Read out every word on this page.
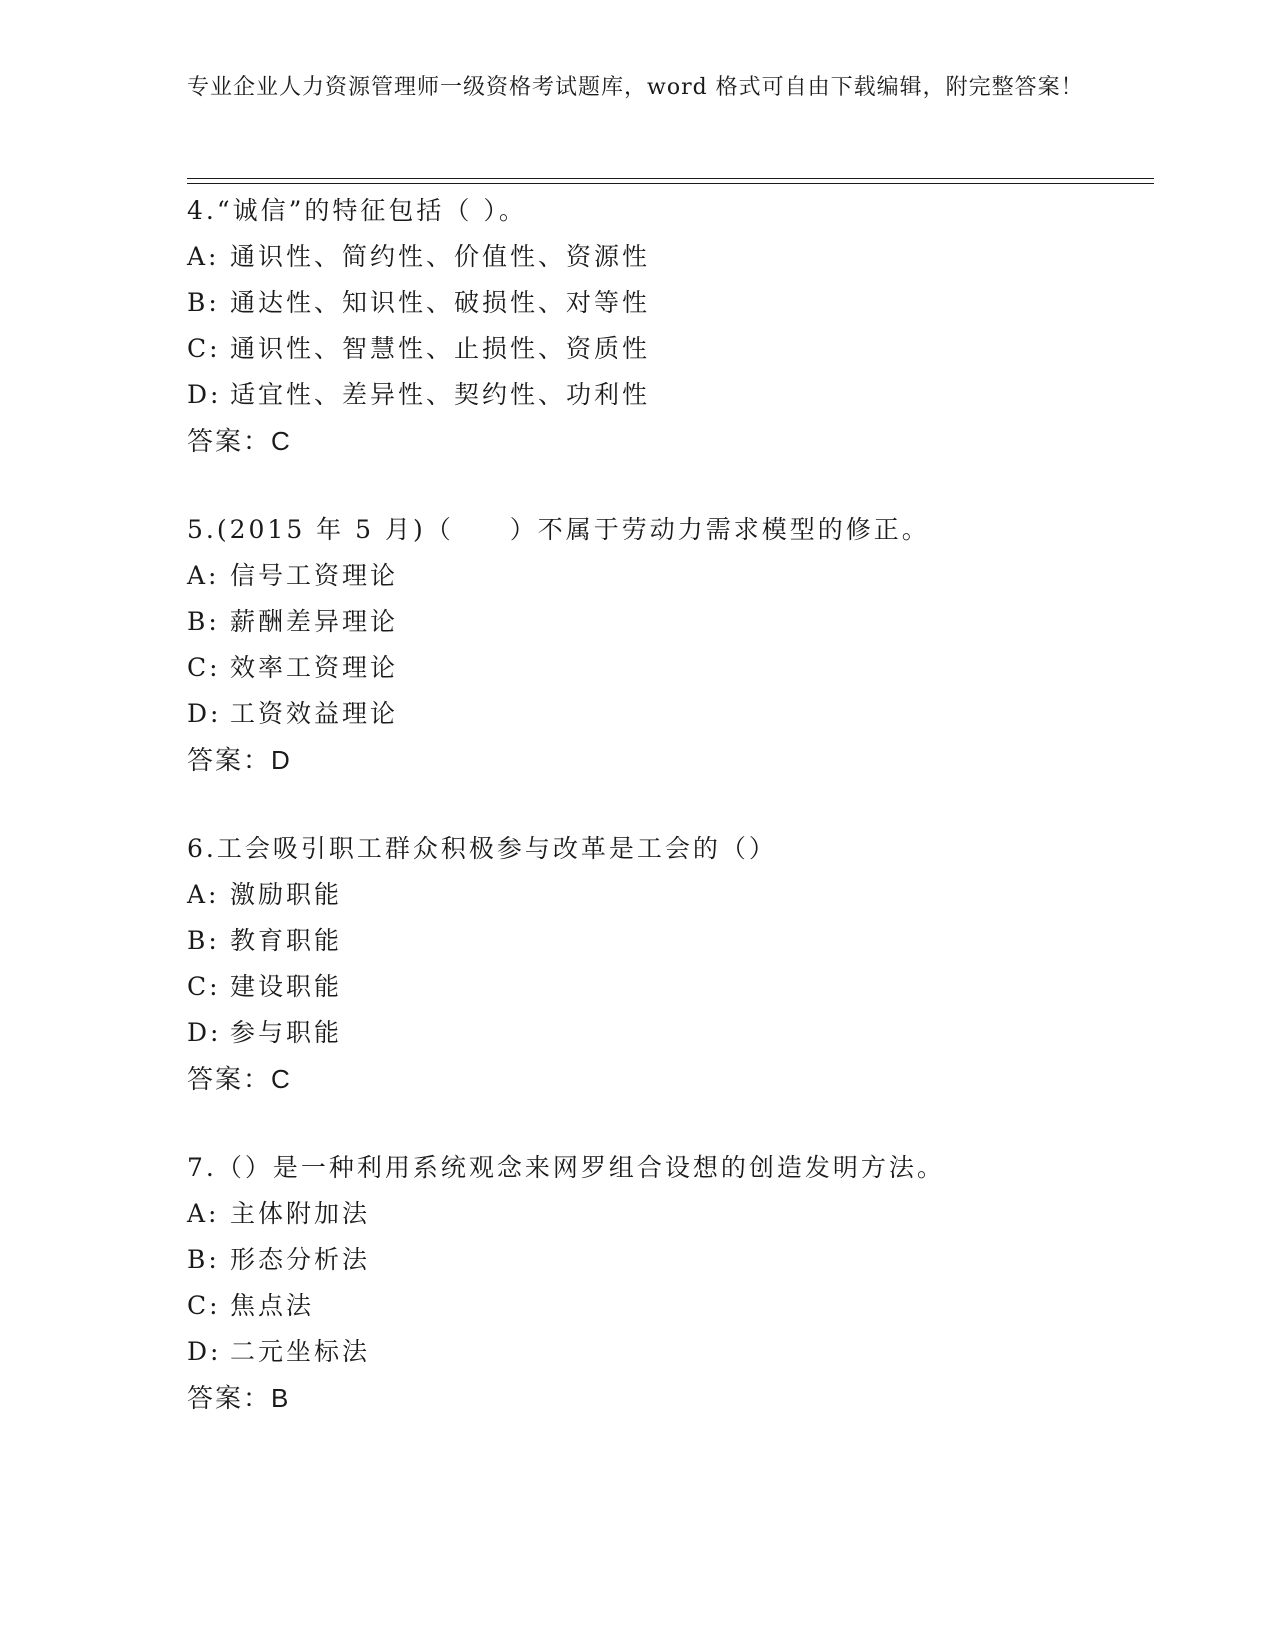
专业企业人力资源管理师一级资格考试题库，word 格式可自由下载编辑，附完整答案！
4.“诚信”的特征包括（ ）。
A: 通识性、简约性、价值性、资源性
B: 通达性、知识性、破损性、对等性
C: 通识性、智慧性、止损性、资质性
D: 适宜性、差异性、契约性、功利性
答案：C
5.(2015 年 5 月)（　　）不属于劳动力需求模型的修正。
A: 信号工资理论
B: 薪酬差异理论
C: 效率工资理论
D: 工资效益理论
答案：D
6.工会吸引职工群众积极参与改革是工会的（）
A: 激励职能
B: 教育职能
C: 建设职能
D: 参与职能
答案：C
7.（）是一种利用系统观念来网罗组合设想的创造发明方法。
A: 主体附加法
B: 形态分析法
C: 焦点法
D: 二元坐标法
答案：B
